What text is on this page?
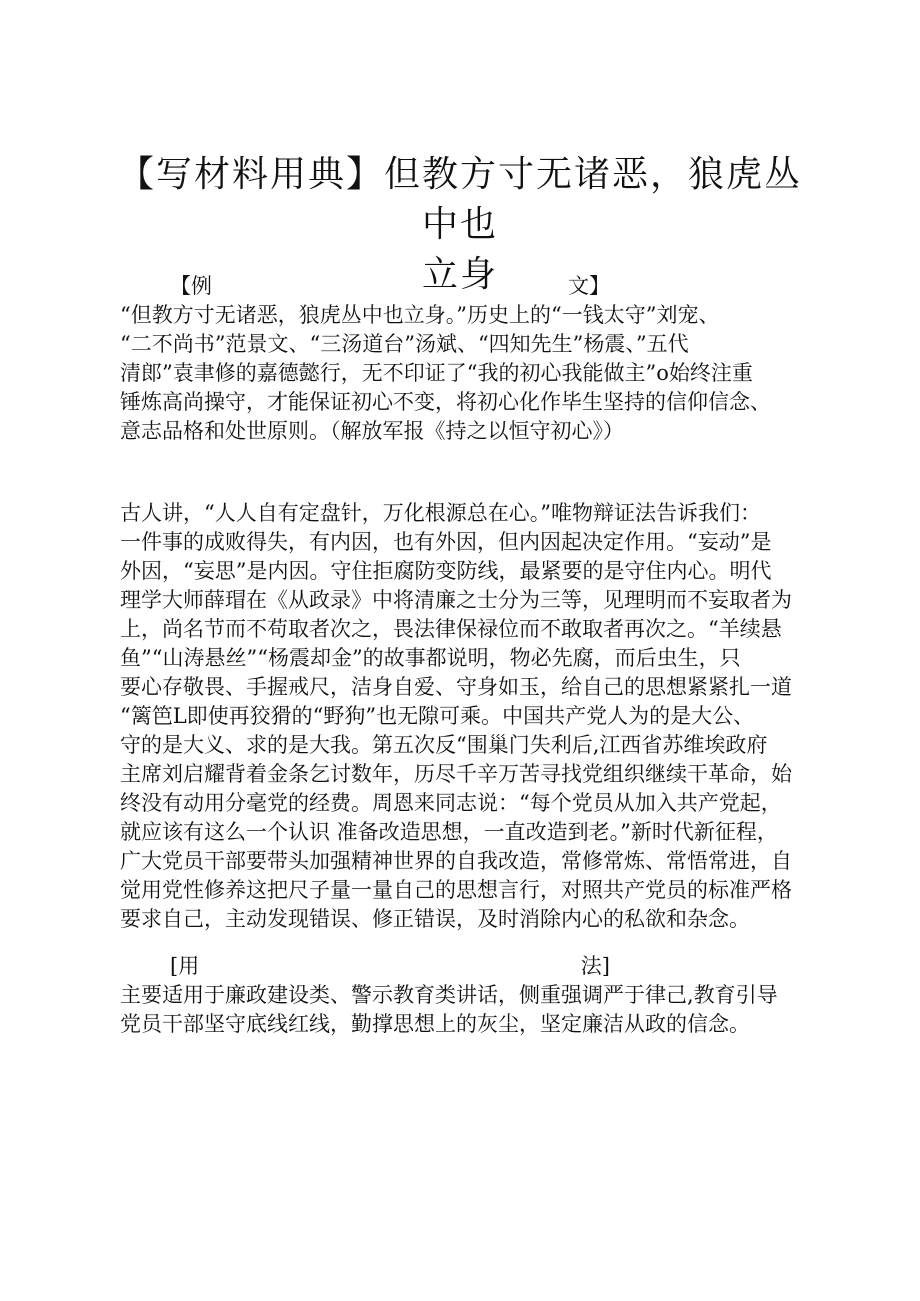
【写材料用典】但教方寸无诸恶，狼虎丛中也
立身
【例	文】

“但教方寸无诸恶，狼虎丛中也立身。”历史上的“一钱太守”刘宠、
“二不尚书”范景文、“三汤道台”汤斌、“四知先生”杨震、”五代
清郎”袁聿修的嘉德懿行，无不印证了“我的初心我能做主”o始终注重
锤炼高尚操守，才能保证初心不变，将初心化作毕生坚持的信仰信念、
意志品格和处世原则。（解放军报《持之以恒守初心》）

古人讲，“人人自有定盘针，万化根源总在心。”唯物辩证法告诉我们：
一件事的成败得失，有内因，也有外因，但内因起决定作用。“妄动”是
外因，“妄思”是内因。守住拒腐防变防线，最紧要的是守住内心。明代
理学大师薛瑁在《从政录》中将清廉之士分为三等，见理明而不妄取者为
上，尚名节而不苟取者次之，畏法律保禄位而不敢取者再次之。“羊续悬
鱼”“山涛悬丝”“杨震却金”的故事都说明，物必先腐，而后虫生，只
要心存敬畏、手握戒尺，洁身自爱、守身如玉，给自己的思想紧紧扎一道
“篱笆L即使再狡猾的“野狗”也无隙可乘。中国共产党人为的是大公、
守的是大义、求的是大我。第五次反“围巢门失利后,江西省苏维埃政府
主席刘启耀背着金条乞讨数年，历尽千辛万苦寻找党组织继续干革命，始
终没有动用分毫党的经费。周恩来同志说：“每个党员从加入共产党起，
就应该有这么一个认识 准备改造思想，一直改造到老。”新时代新征程，
广大党员干部要带头加强精神世界的自我改造，常修常炼、常悟常进，自
觉用党性修养这把尺子量一量自己的思想言行，对照共产党员的标准严格
要求自己，主动发现错误、修正错误，及时消除内心的私欲和杂念。

[用	法]

主要适用于廉政建设类、警示教育类讲话，侧重强调严于律己,教育引导
党员干部坚守底线红线，勤撑思想上的灰尘，坚定廉洁从政的信念。
